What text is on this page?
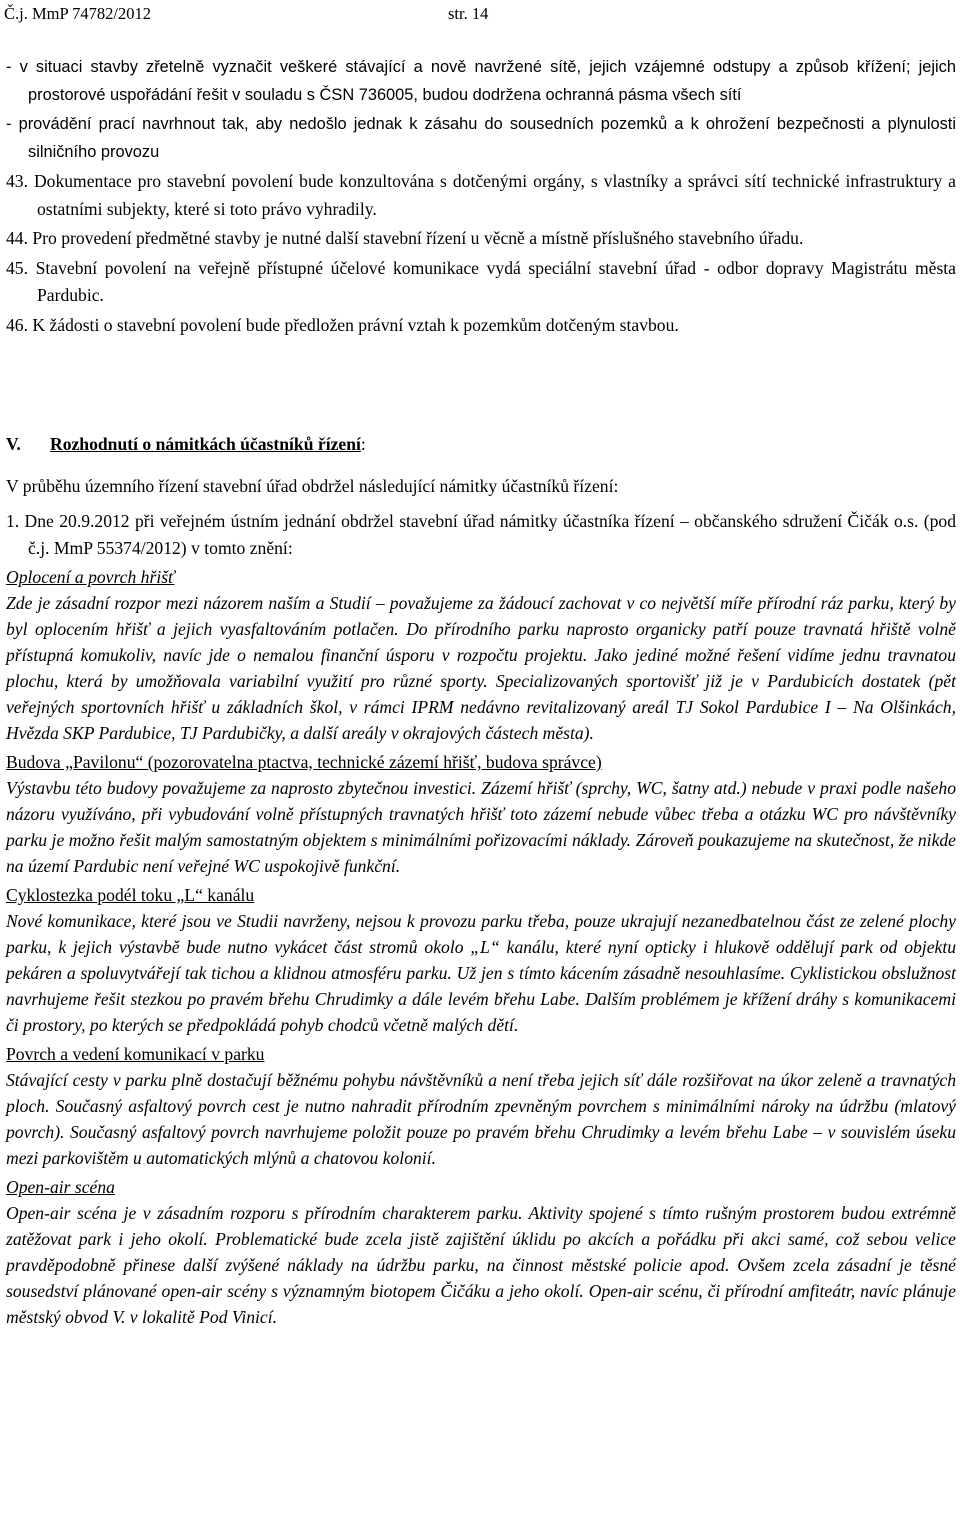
Č.j. MmP 74782/2012	str. 14

- v situaci stavby zřetelně vyznačit veškeré stávající a nově navržené sítě, jejich vzájemné odstupy a způsob křížení; jejich prostorové uspořádání řešit v souladu s ČSN 736005, budou dodržena ochranná pásma všech sítí

- provádění prací navrhnout tak, aby nedošlo jednak k zásahu do sousedních pozemků a k ohrožení bezpečnosti a plynulosti silničního provozu

43. Dokumentace pro stavební povolení bude konzultována s dotčenými orgány, s vlastníky a správci sítí technické infrastruktury a ostatními subjekty, které si toto právo vyhradily.

44. Pro provedení předmětné stavby je nutné další stavební řízení u věcně a místně příslušného stavebního úřadu.

45. Stavební povolení na veřejně přístupné účelové komunikace vydá speciální stavební úřad - odbor dopravy Magistrátu města Pardubic.

46. K žádosti o stavební povolení bude předložen právní vztah k pozemkům dotčeným stavbou.

V. Rozhodnutí o námitkách účastníků řízení:

V průběhu územního řízení stavební úřad obdržel následující námitky účastníků řízení:

1. Dne 20.9.2012 při veřejném ústním jednání obdržel stavební úřad námitky účastníka řízení – občanského sdružení Čičák o.s. (pod č.j. MmP 55374/2012) v tomto znění:

Oplocení a povrch hřišť

Zde je zásadní rozpor mezi názorem naším a Studií – považujeme za žádoucí zachovat v co největší míře přírodní ráz parku, který by byl oplocením hřišť a jejich vyasfaltováním potlačen. Do přírodního parku naprosto organicky patří pouze travnatá hřiště volně přístupná komukoliv, navíc jde o nemalou finanční úsporu v rozpočtu projektu. Jako jediné možné řešení vidíme jednu travnatou plochu, která by umožňovala variabilní využití pro různé sporty. Specializovaných sportovišť již je v Pardubicích dostatek (pět veřejných sportovních hřišť u základních škol, v rámci IPRM nedávno revitalizovaný areál TJ Sokol Pardubice I – Na Olšinkách, Hvězda SKP Pardubice, TJ Pardubičky, a další areály v okrajových částech města).

Budova „Pavilonu“ (pozorovatelna ptactva, technické zázemí hřišť, budova správce)

Výstavbu této budovy považujeme za naprosto zbytečnou investici. Zázemí hřišť (sprchy, WC, šatny atd.) nebude v praxi podle našeho názoru využíváno, při vybudování volně přístupných travnatých hřišť toto zázemí nebude vůbec třeba a otázku WC pro návštěvníky parku je možno řešit malým samostatným objektem s minimálními pořizovacími náklady. Zároveň poukazujeme na skutečnost, že nikde na území Pardubic není veřejné WC uspokojivě funkční.

Cyklostezka podél toku „L“ kanálu

Nové komunikace, které jsou ve Studii navrženy, nejsou k provozu parku třeba, pouze ukrajují nezanedbatelnou část ze zelené plochy parku, k jejich výstavbě bude nutno vykácet část stromů okolo „L“ kanálu, které nyní opticky i hlukově oddělují park od objektu pekáren a spoluvytvářejí tak tichou a klidnou atmosféru parku. Už jen s tímto kácením zásadně nesouhlasíme. Cyklistickou obslužnost navrhujeme řešit stezkou po pravém břehu Chrudimky a dále levém břehu Labe. Dalším problémem je křížení dráhy s komunikacemi či prostory, po kterých se předpokládá pohyb chodců včetně malých dětí.

Povrch a vedení komunikací v parku

Stávající cesty v parku plně dostačují běžnému pohybu návštěvníků a není třeba jejich síť dále rozšiřovat na úkor zeleně a travnatých ploch. Současný asfaltový povrch cest je nutno nahradit přírodním zpevněným povrchem s minimálními nároky na údržbu (mlatový povrch). Současný asfaltový povrch navrhujeme položit pouze po pravém břehu Chrudimky a levém břehu Labe – v souvislém úseku mezi parkovištěm u automatických mlýnů a chatovou kolonií.

Open-air scéna

Open-air scéna je v zásadním rozporu s přírodním charakterem parku. Aktivity spojené s tímto rušným prostorem budou extrémně zatěžovat park i jeho okolí. Problematické bude zcela jistě zajištění úklidu po akcích a pořádku při akci samé, což sebou velice pravděpodobně přinese další zvýšené náklady na údržbu parku, na činnost městské policie apod. Ovšem zcela zásadní je těsné sousedství plánované open-air scény s významným biotopem Čičáku a jeho okolí. Open-air scénu, či přírodní amfiteátr, navíc plánuje městský obvod V. v lokalitě Pod Vinicí.
